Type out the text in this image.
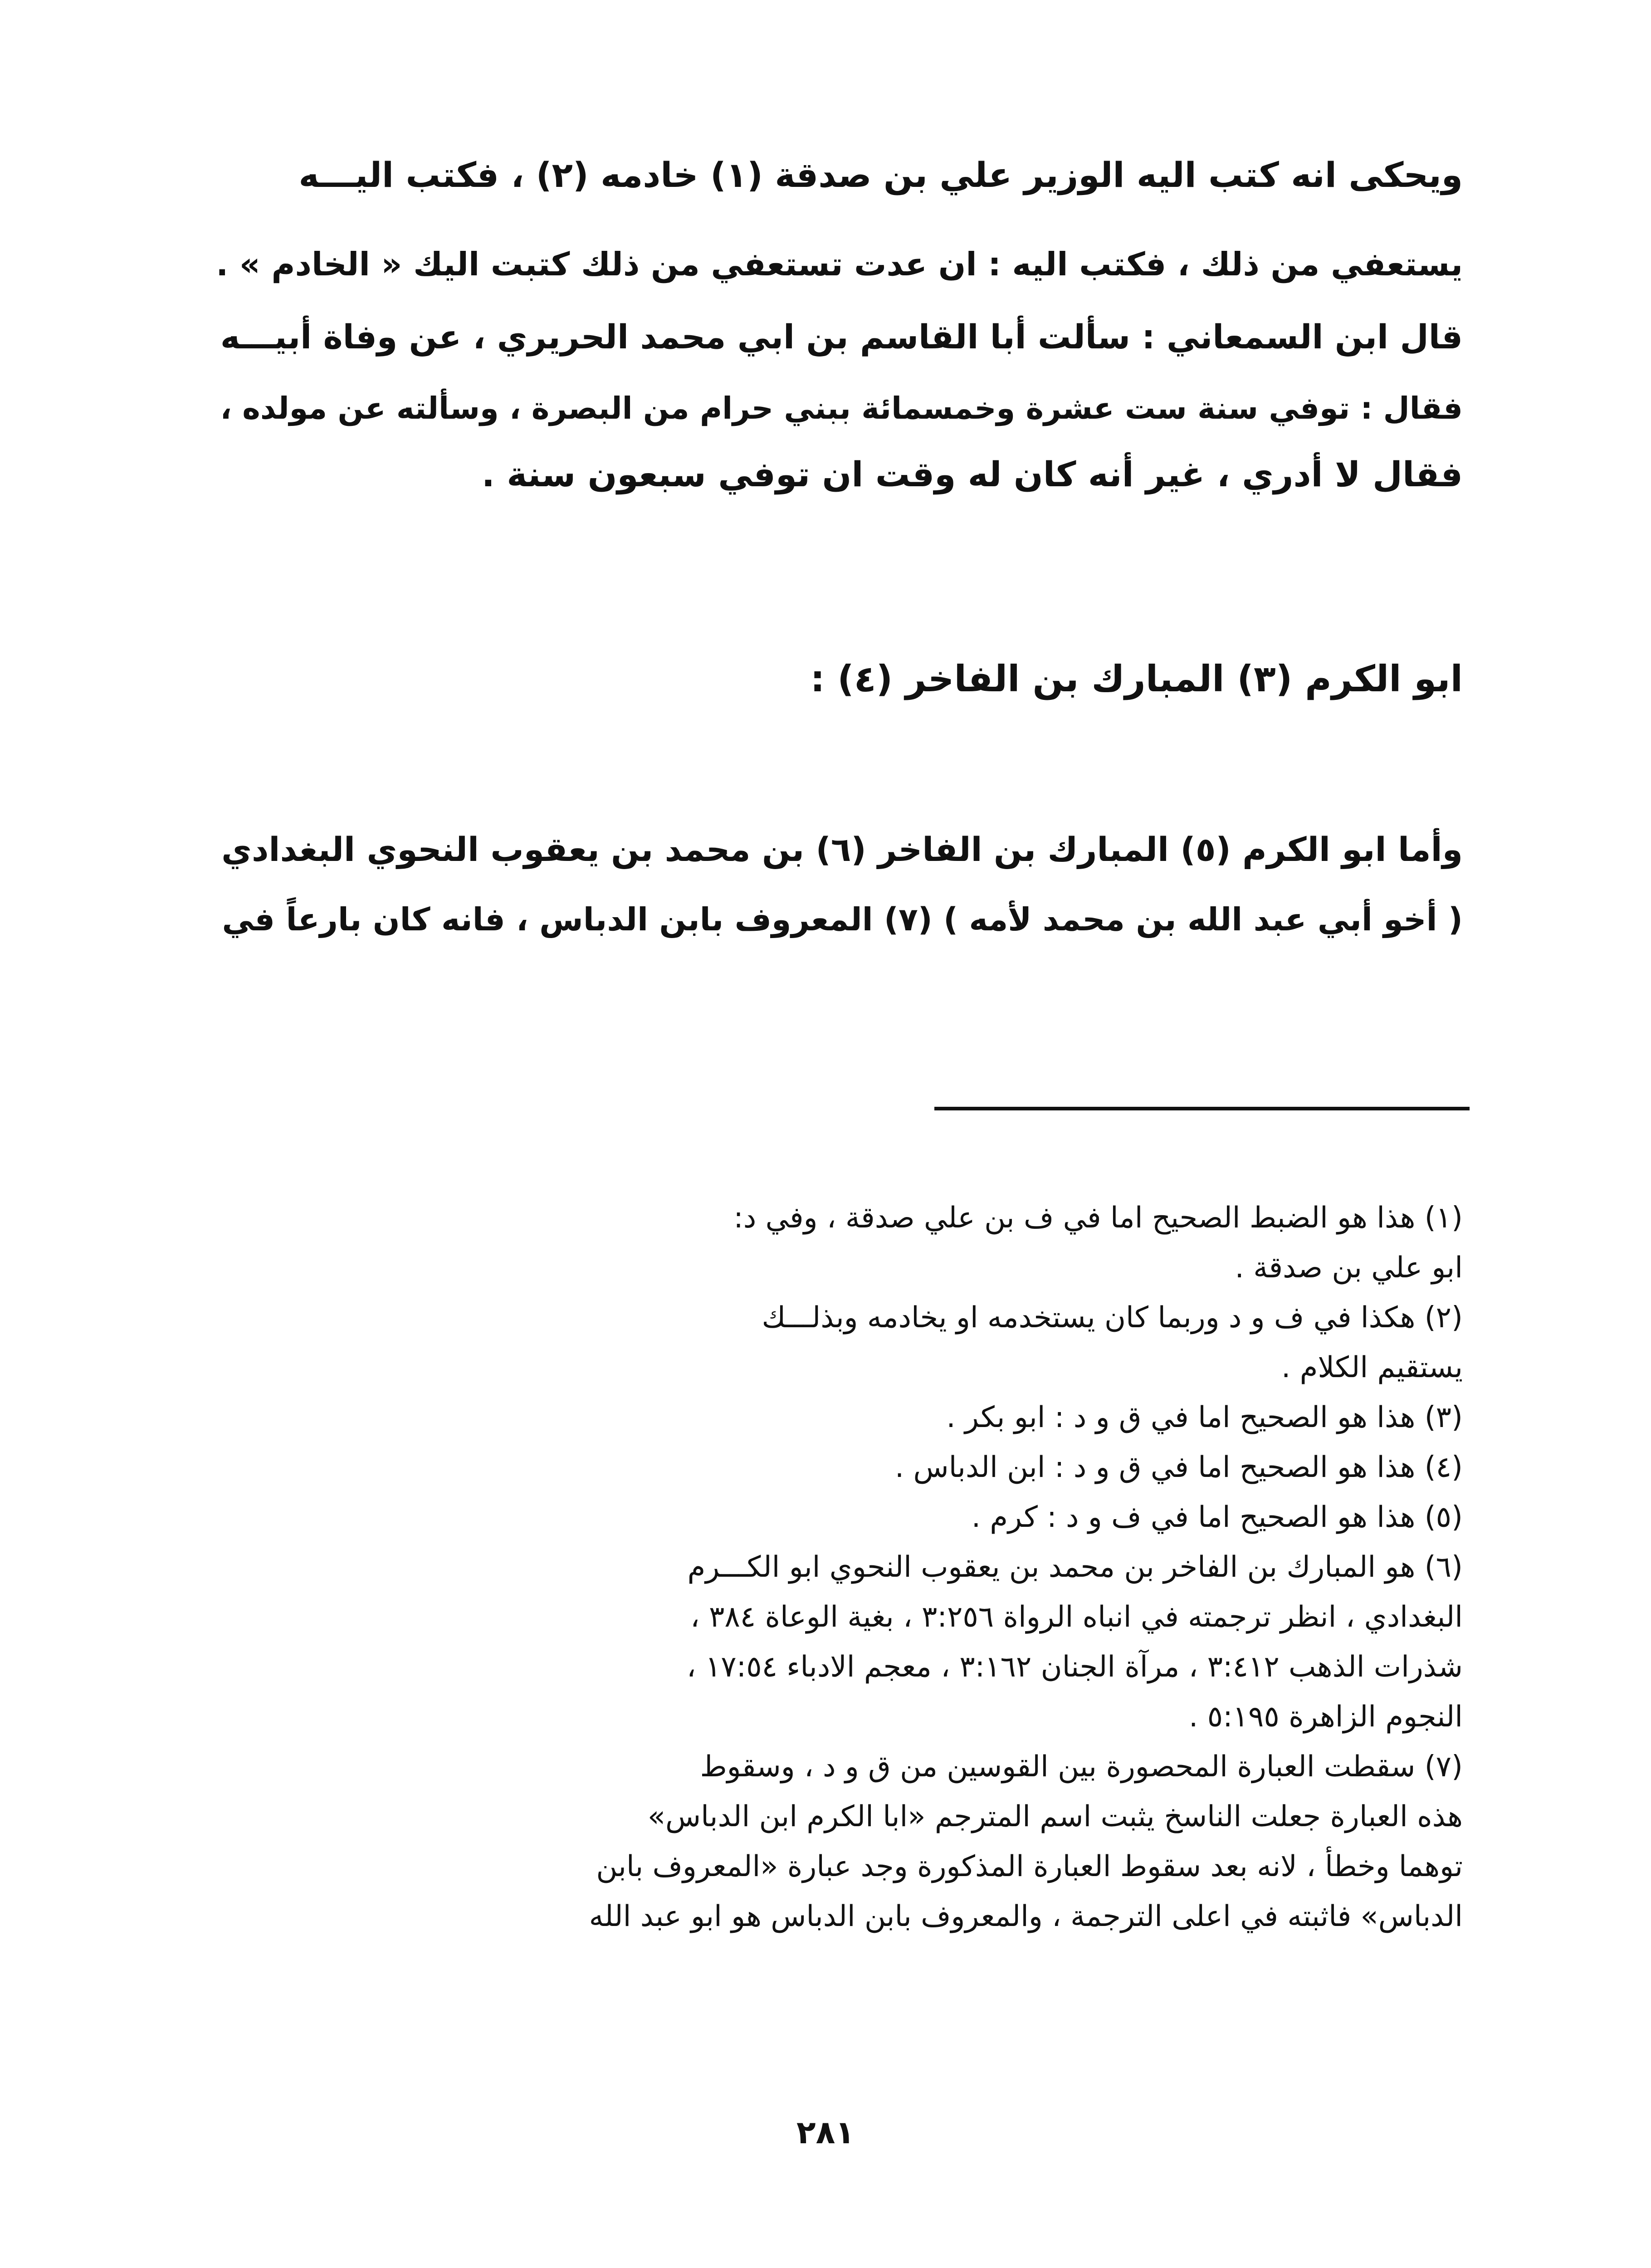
ويحكى انه كتب اليه الوزير علي بن صدقة (١) خادمه (٢) ، فكتب اليـــه
يستعفي من ذلك ، فكتب اليه : ان عدت تستعفي من ذلك كتبت اليك « الخادم » .
قال ابن السمعاني : سألت أبا القاسم بن ابي محمد الحريري ، عن وفاة أبيـــه
فقال : توفي سنة ست عشرة وخمسمائة ببني حرام من البصرة ، وسألته عن مولده ،
فقال لا أدري ، غير أنه كان له وقت ان توفي سبعون سنة .
ابو الكرم (٣) المبارك بن الفاخر (٤) :
وأما ابو الكرم (٥) المبارك بن الفاخر (٦) بن محمد بن يعقوب النحوي البغدادي
( أخو أبي عبد الله بن محمد لأمه ) (٧) المعروف بابن الدباس ، فانه كان بارعاً في
(١) هذا هو الضبط الصحيح اما في ف بن علي صدقة ، وفي د:
ابو علي بن صدقة .
(٢) هكذا في ف و د وربما كان يستخدمه او يخادمه وبذلـــك
يستقيم الكلام .
(٣) هذا هو الصحيح اما في ق و د : ابو بكر .
(٤) هذا هو الصحيح اما في ق و د : ابن الدباس .
(٥) هذا هو الصحيح اما في ف و د : كرم .
(٦) هو المبارك بن الفاخر بن محمد بن يعقوب النحوي ابو الكـــرم
البغدادي ، انظر ترجمته في انباه الرواة ٣:٢٥٦ ، بغية الوعاة ٣٨٤ ،
شذرات الذهب ٣:٤١٢ ، مرآة الجنان ٣:١٦٢ ، معجم الادباء ١٧:٥٤ ،
النجوم الزاهرة ٥:١٩٥ .
(٧) سقطت العبارة المحصورة بين القوسين من ق و د ، وسقوط
هذه العبارة جعلت الناسخ يثبت اسم المترجم «ابا الكرم ابن الدباس»
توهما وخطأ ، لانه بعد سقوط العبارة المذكورة وجد عبارة «المعروف بابن
الدباس» فاثبته في اعلى الترجمة ، والمعروف بابن الدباس هو ابو عبد الله
٢٨١
